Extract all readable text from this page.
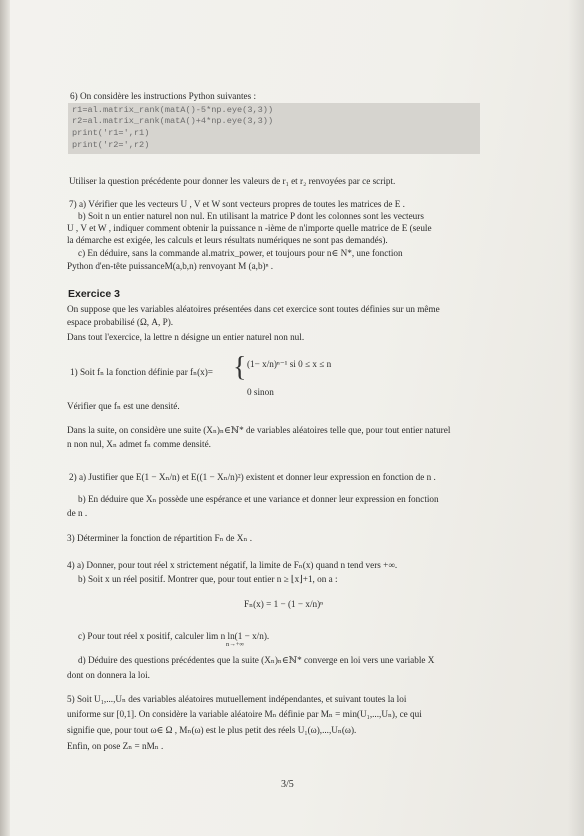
6) On considère les instructions Python suivantes :
r1=al.matrix_rank(matA()-5*np.eye(3,3))
r2=al.matrix_rank(matA()+4*np.eye(3,3))
print('r1=',r1)
print('r2=',r2)
Utiliser la question précédente pour donner les valeurs de r₁ et r₂ renvoyées par ce script.
7) a) Vérifier que les vecteurs U , V et W sont vecteurs propres de toutes les matrices de E .
b) Soit n un entier naturel non nul. En utilisant la matrice P dont les colonnes sont les vecteurs
U , V et W , indiquer comment obtenir la puissance n -ième de n'importe quelle matrice de E (seule
la démarche est exigée, les calculs et leurs résultats numériques ne sont pas demandés).
c) En déduire, sans la commande al.matrix_power, et toujours pour n∈ N*, une fonction
Python d'en-tête puissanceM(a,b,n) renvoyant M (a,b)ⁿ .
Exercice 3
On suppose que les variables aléatoires présentées dans cet exercice sont toutes définies sur un même
espace probabilisé (Ω, A, P).
Dans tout l'exercice, la lettre n désigne un entier naturel non nul.
1) Soit fₙ la fonction définie par fₙ(x)= { (1− x/n)ⁿ⁻¹ si 0 ≤ x ≤ n
0 sinon
Vérifier que fₙ est une densité.
Dans la suite, on considère une suite (Xₙ)ₙ∈ℕ* de variables aléatoires telle que, pour tout entier naturel
n non nul, Xₙ admet fₙ comme densité.
2) a) Justifier que E(1 − Xₙ/n) et E((1 − Xₙ/n)²) existent et donner leur expression en fonction de n .
b) En déduire que Xₙ possède une espérance et une variance et donner leur expression en fonction
de n .
3) Déterminer la fonction de répartition Fₙ de Xₙ .
4) a) Donner, pour tout réel x strictement négatif, la limite de Fₙ(x) quand n tend vers +∞.
b) Soit x un réel positif. Montrer que, pour tout entier n ≥ ⌊x⌋+1, on a :
Fₙ(x) = 1 − (1 − x/n)ⁿ
c) Pour tout réel x positif, calculer lim n ln(1 − x/n).
n→+∞
d) Déduire des questions précédentes que la suite (Xₙ)ₙ∈ℕ* converge en loi vers une variable X
dont on donnera la loi.
5) Soit U₁,...,Uₙ des variables aléatoires mutuellement indépendantes, et suivant toutes la loi
uniforme sur [0,1]. On considère la variable aléatoire Mₙ définie par Mₙ = min(U₁,...,Uₙ), ce qui
signifie que, pour tout ω∈ Ω , Mₙ(ω) est le plus petit des réels U₁(ω),...,Uₙ(ω).
Enfin, on pose Zₙ = nMₙ .
3/5
